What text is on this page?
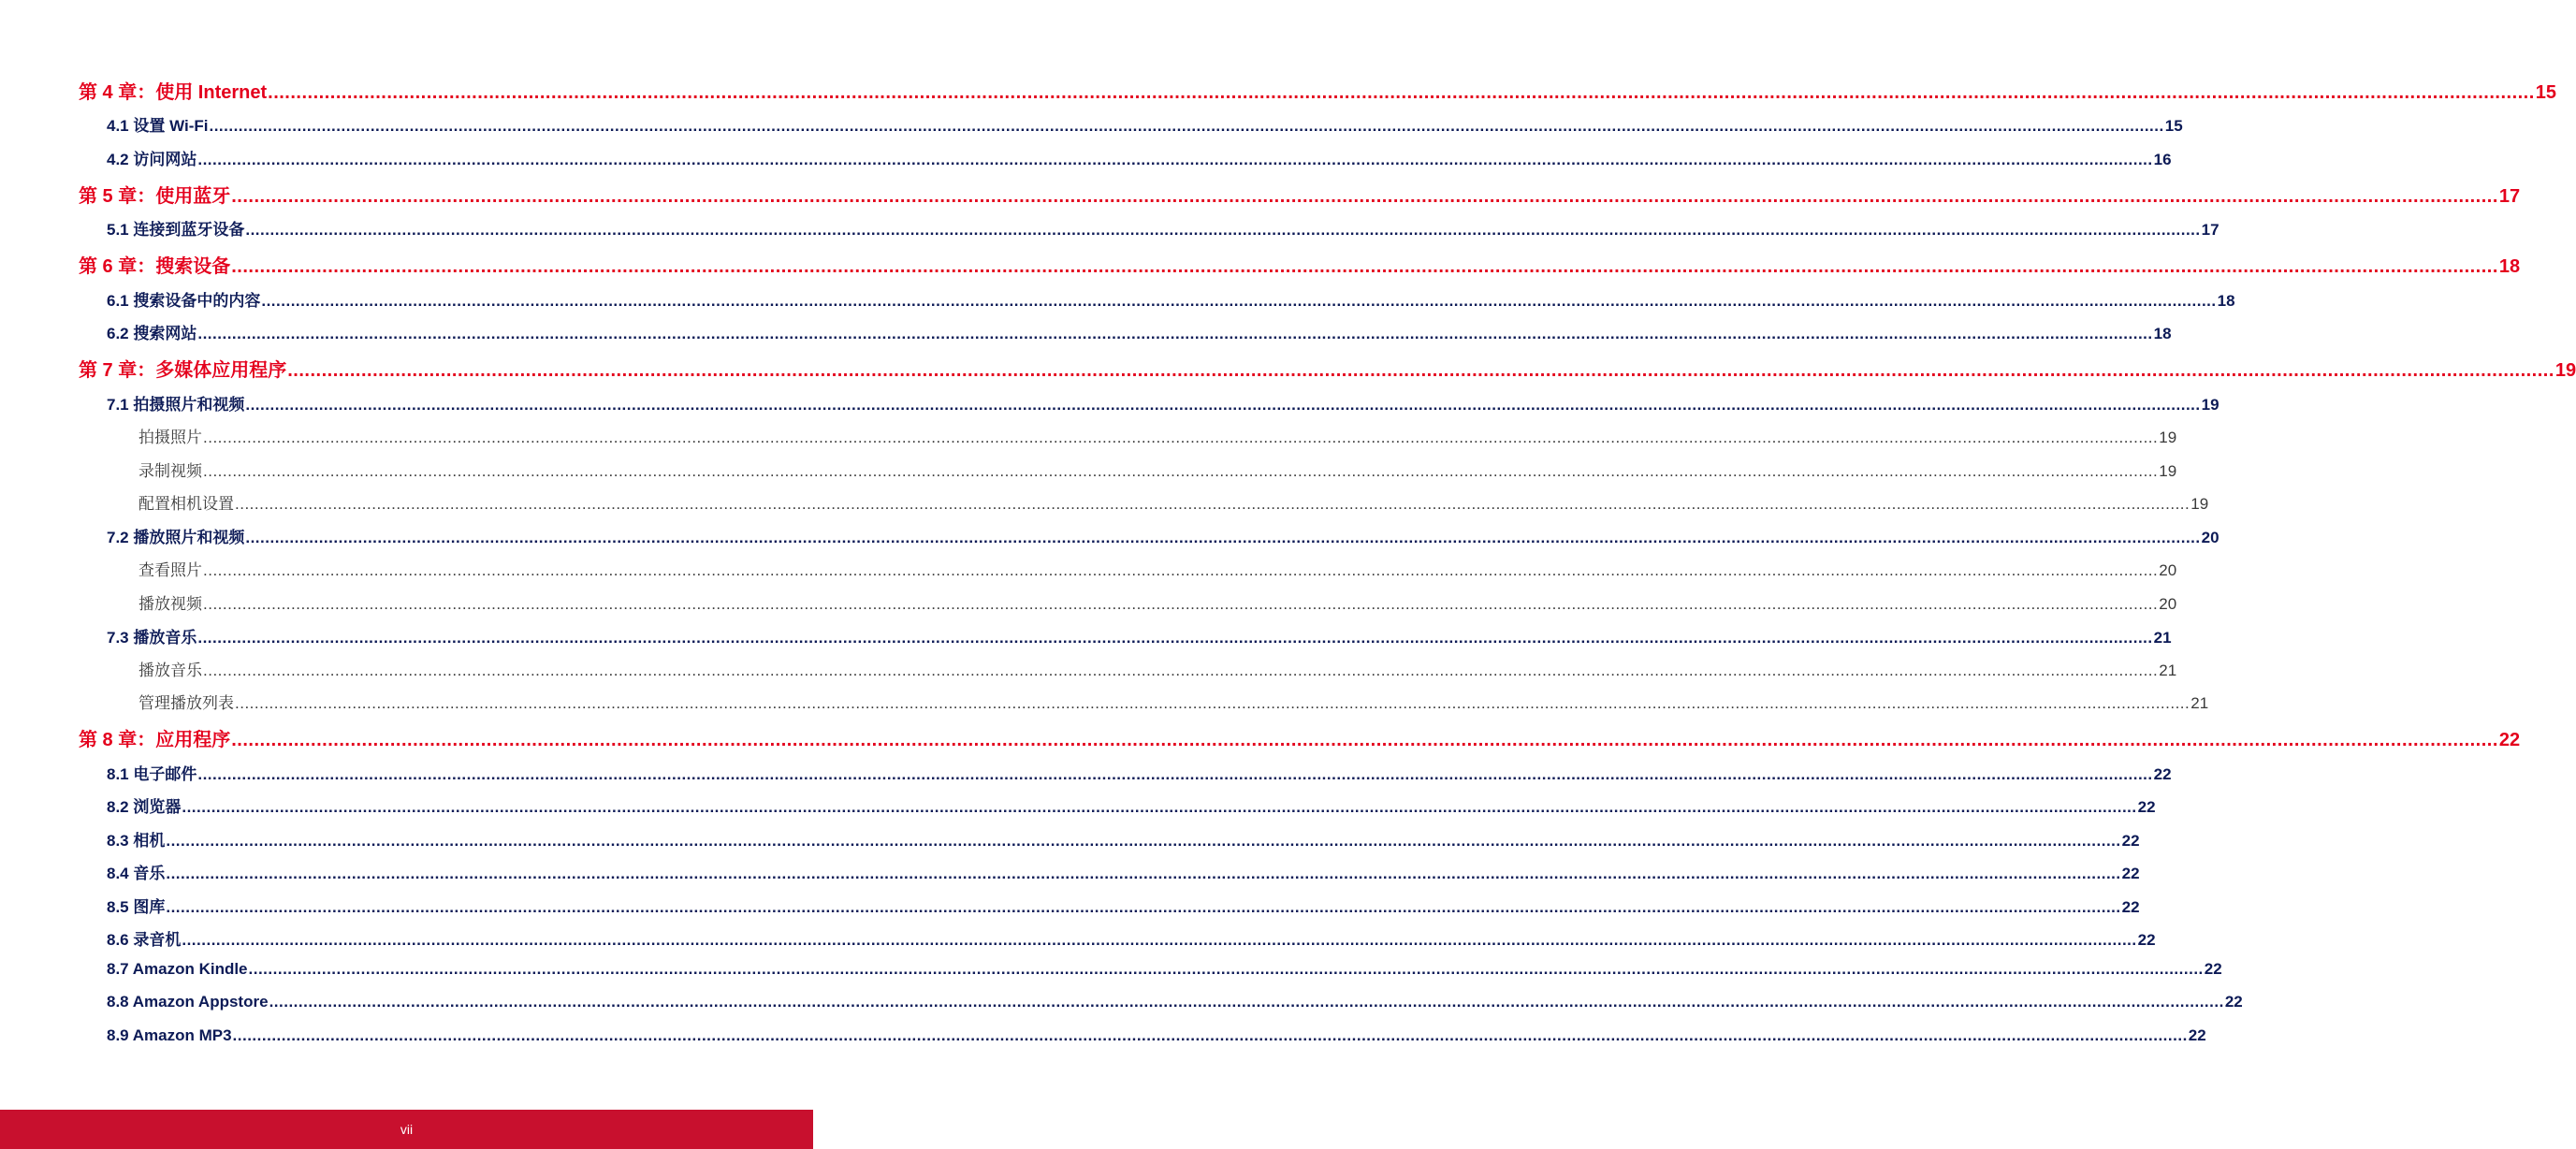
第 4 章：使用 Internet ................................................................................................................................................................................................................................................................................................................................................................................................................ 15
4.1 设置 Wi-Fi ................................................................................................................................................................................................................................................................................................................................................................................................................ 15
4.2 访问网站 ................................................................................................................................................................................................................................................................................................................................................................................................................ 16
第 5 章：使用蓝牙 ................................................................................................................................................................................................................................................................................................................................................................................................................ 17
5.1 连接到蓝牙设备 ................................................................................................................................................................................................................................................................................................................................................................................................................ 17
第 6 章：搜索设备 ................................................................................................................................................................................................................................................................................................................................................................................................................ 18
6.1 搜索设备中的内容 ................................................................................................................................................................................................................................................................................................................................................................................................................ 18
6.2 搜索网站 ................................................................................................................................................................................................................................................................................................................................................................................................................ 18
第 7 章：多媒体应用程序 ................................................................................................................................................................................................................................................................................................................................................................................................................ 19
7.1 拍摄照片和视频 ................................................................................................................................................................................................................................................................................................................................................................................................................ 19
拍摄照片 ................................................................................................................................................................................................................................................................................................................................................................................................................ 19
录制视频 ................................................................................................................................................................................................................................................................................................................................................................................................................ 19
配置相机设置 ................................................................................................................................................................................................................................................................................................................................................................................................................ 19
7.2 播放照片和视频 ................................................................................................................................................................................................................................................................................................................................................................................................................ 20
查看照片 ................................................................................................................................................................................................................................................................................................................................................................................................................ 20
播放视频 ................................................................................................................................................................................................................................................................................................................................................................................................................ 20
7.3 播放音乐 ................................................................................................................................................................................................................................................................................................................................................................................................................ 21
播放音乐 ................................................................................................................................................................................................................................................................................................................................................................................................................ 21
管理播放列表 ................................................................................................................................................................................................................................................................................................................................................................................................................ 21
第 8 章：应用程序 ................................................................................................................................................................................................................................................................................................................................................................................................................ 22
8.1 电子邮件 ................................................................................................................................................................................................................................................................................................................................................................................................................ 22
8.2 浏览器 ................................................................................................................................................................................................................................................................................................................................................................................................................ 22
8.3 相机 ................................................................................................................................................................................................................................................................................................................................................................................................................ 22
8.4 音乐 ................................................................................................................................................................................................................................................................................................................................................................................................................ 22
8.5 图库 ................................................................................................................................................................................................................................................................................................................................................................................................................ 22
8.6 录音机 ................................................................................................................................................................................................................................................................................................................................................................................................................ 22
8.7 Amazon Kindle ................................................................................................................................................................................................................................................................................................................................................................................................................ 22
8.8 Amazon Appstore ................................................................................................................................................................................................................................................................................................................................................................................................................ 22
8.9 Amazon MP3 ................................................................................................................................................................................................................................................................................................................................................................................................................ 22
vii
